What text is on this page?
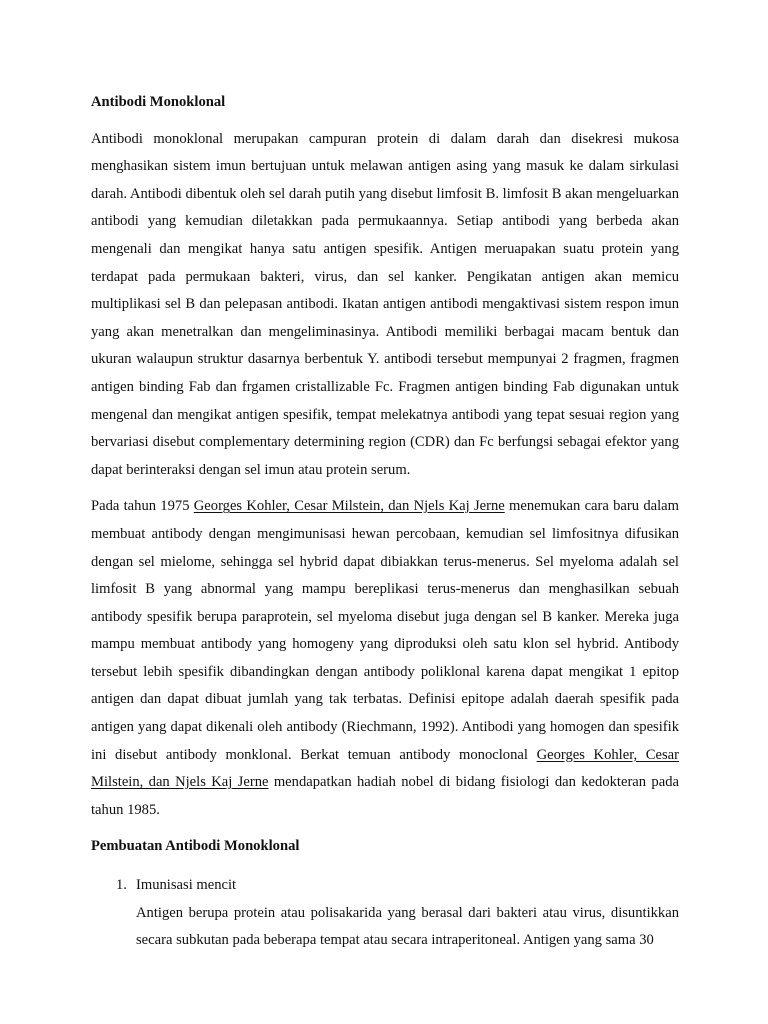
Antibodi Monoklonal

Antibodi monoklonal merupakan campuran protein di dalam darah dan disekresi mukosa menghasikan sistem imun bertujuan untuk melawan antigen asing yang masuk ke dalam sirkulasi darah. Antibodi dibentuk oleh sel darah putih yang disebut limfosit B. limfosit B akan mengeluarkan antibodi yang kemudian diletakkan pada permukaannya. Setiap antibodi yang berbeda akan mengenali dan mengikat hanya satu antigen spesifik. Antigen meruapakan suatu protein yang terdapat pada permukaan bakteri, virus, dan sel kanker. Pengikatan antigen akan memicu multiplikasi sel B dan pelepasan antibodi. Ikatan antigen antibodi mengaktivasi sistem respon imun yang akan menetralkan dan mengeliminasinya. Antibodi memiliki berbagai macam bentuk dan ukuran walaupun struktur dasarnya berbentuk Y. antibodi tersebut mempunyai 2 fragmen, fragmen antigen binding Fab dan frgamen cristallizable Fc. Fragmen antigen binding Fab digunakan untuk mengenal dan mengikat antigen spesifik, tempat melekatnya antibodi yang tepat sesuai region yang bervariasi disebut complementary determining region (CDR) dan Fc berfungsi sebagai efektor yang dapat berinteraksi dengan sel imun atau protein serum.

Pada tahun 1975 Georges Kohler, Cesar Milstein, dan Njels Kaj Jerne menemukan cara baru dalam membuat antibody dengan mengimunisasi hewan percobaan, kemudian sel limfositnya difusikan dengan sel mielome, sehingga sel hybrid dapat dibiakkan terus-menerus. Sel myeloma adalah sel limfosit B yang abnormal yang mampu bereplikasi terus-menerus dan menghasilkan sebuah antibody spesifik berupa paraprotein, sel myeloma disebut juga dengan sel B kanker. Mereka juga mampu membuat antibody yang homogeny yang diproduksi oleh satu klon sel hybrid. Antibody tersebut lebih spesifik dibandingkan dengan antibody poliklonal karena dapat mengikat 1 epitop antigen dan dapat dibuat jumlah yang tak terbatas. Definisi epitope adalah daerah spesifik pada antigen yang dapat dikenali oleh antibody (Riechmann, 1992). Antibodi yang homogen dan spesifik ini disebut antibody monklonal. Berkat temuan antibody monoclonal Georges Kohler, Cesar Milstein, dan Njels Kaj Jerne mendapatkan hadiah nobel di bidang fisiologi dan kedokteran pada tahun 1985.

Pembuatan Antibodi Monoklonal
1. Imunisasi mencit
Antigen berupa protein atau polisakarida yang berasal dari bakteri atau virus, disuntikkan secara subkutan pada beberapa tempat atau secara intraperitoneal. Antigen yang sama 30
